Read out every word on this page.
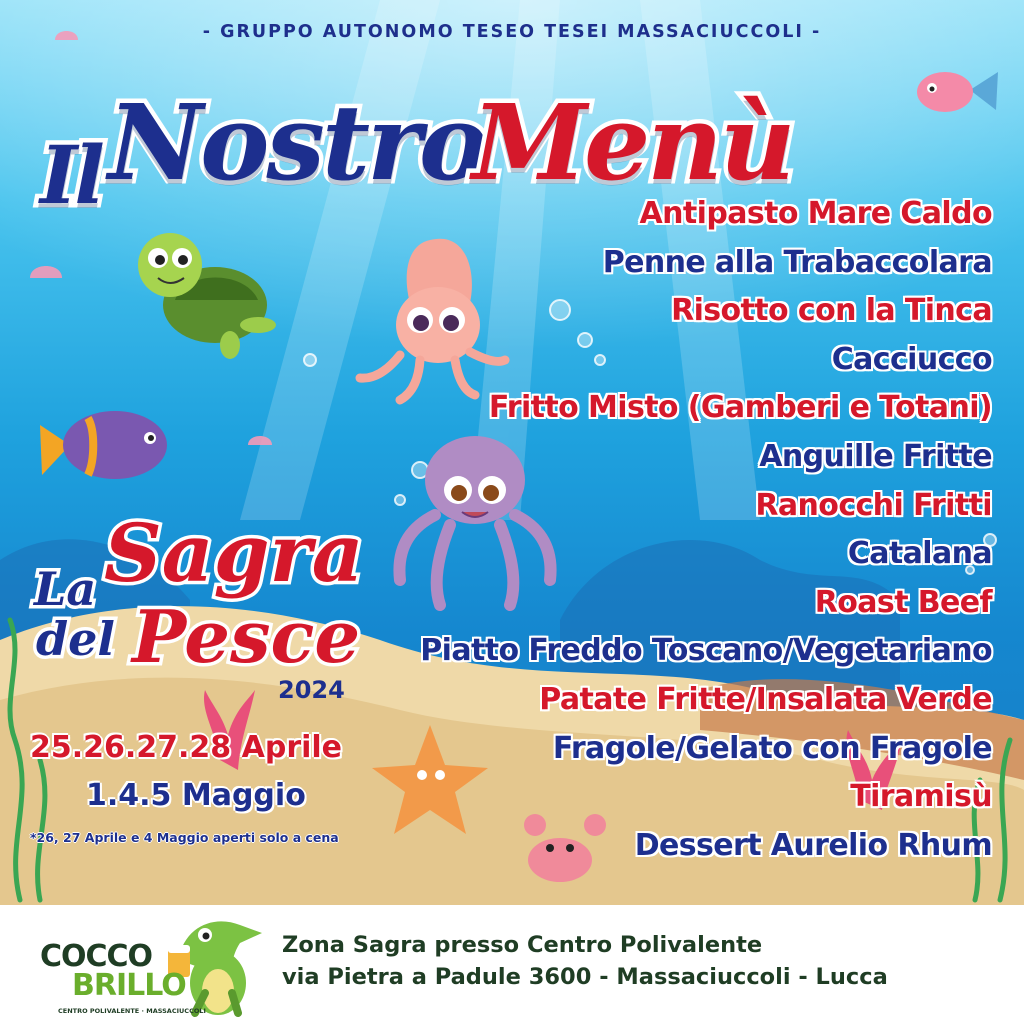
- GRUPPO AUTONOMO TESEO TESEI MASSACIUCCOLI -

Il Nostro
Menù
Antipasto Mare Caldo
Penne alla Trabaccolara
Risotto con la Tinca
Cacciucco
Fritto Misto (Gamberi e Totani)
Anguille Fritte
Ranocchi Fritti
Catalana
Roast Beef
Piatto Freddo Toscano/Vegetariano
Patate Fritte/Insalata Verde
Fragole/Gelato con Fragole
Tiramisù
Dessert Aurelio Rhum
La Sagra
del Pesce
2024
25.26.27.28 Aprile
1.4.5 Maggio
*26, 27 Aprile e 4 Maggio aperti solo a cena
COCCO
BRILLO
CENTRO POLIVALENTE · MASSACIUCCOLI
Zona Sagra presso Centro Polivalente
via Pietra a Padule 3600 - Massaciuccoli - Lucca
